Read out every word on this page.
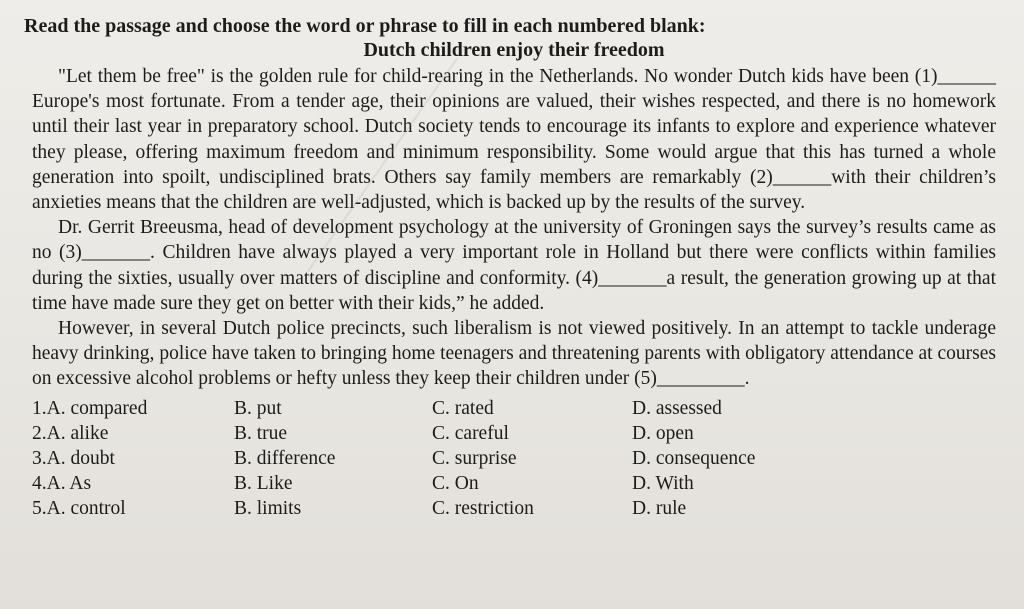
Read the passage and choose the word or phrase to fill in each numbered blank:
Dutch children enjoy their freedom

"Let them be free" is the golden rule for child-rearing in the Netherlands. No wonder Dutch kids have been (1)______ Europe's most fortunate. From a tender age, their opinions are valued, their wishes respected, and there is no homework until their last year in preparatory school. Dutch society tends to encourage its infants to explore and experience whatever they please, offering maximum freedom and minimum responsibility. Some would argue that this has turned a whole generation into spoilt, undisciplined brats. Others say family members are remarkably (2)______with their children’s anxieties means that the children are well-adjusted, which is backed up by the results of the survey.

Dr. Gerrit Breeusma, head of development psychology at the university of Groningen says the survey’s results came as no (3)_______. Children have always played a very important role in Holland but there were conflicts within families during the sixties, usually over matters of discipline and conformity. (4)_______a result, the generation growing up at that time have made sure they get on better with their kids,” he added.

However, in several Dutch police precincts, such liberalism is not viewed positively. In an attempt to tackle underage heavy drinking, police have taken to bringing home teenagers and threatening parents with obligatory attendance at courses on excessive alcohol problems or hefty unless they keep their children under (5)_________.

1.A. compared	B. put	C. rated	D. assessed
2.A. alike	B. true	C. careful	D. open
3.A. doubt	B. difference	C. surprise	D. consequence
4.A. As	B. Like	C. On	D. With
5.A. control	B. limits	C. restriction	D. rule
